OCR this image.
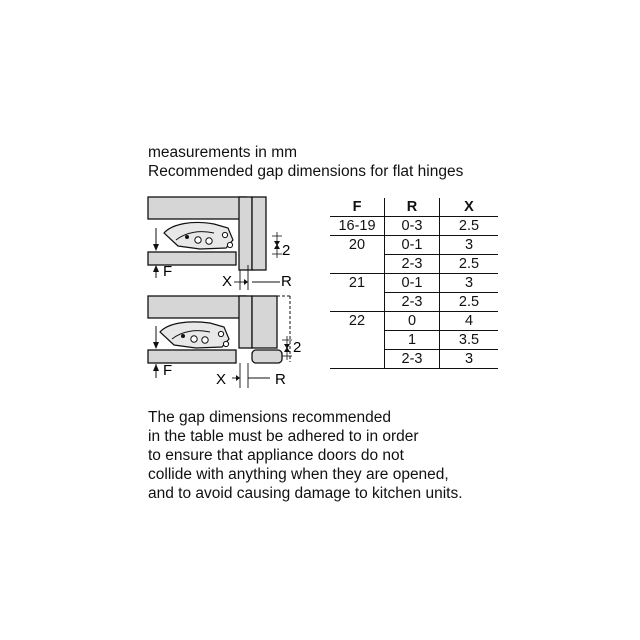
measurements in mm
Recommended gap dimensions for flat hinges
F
X	R
2
F
X	R
2
F	R	X
16-19	0-3	2.5
20	0-1	3
	2-3	2.5
21	0-1	3
	2-3	2.5
22	0	4
	1	3.5
	2-3	3
The gap dimensions recommended
in the table must be adhered to in order
to ensure that appliance doors do not
collide with anything when they are opened,
and to avoid causing damage to kitchen units.
